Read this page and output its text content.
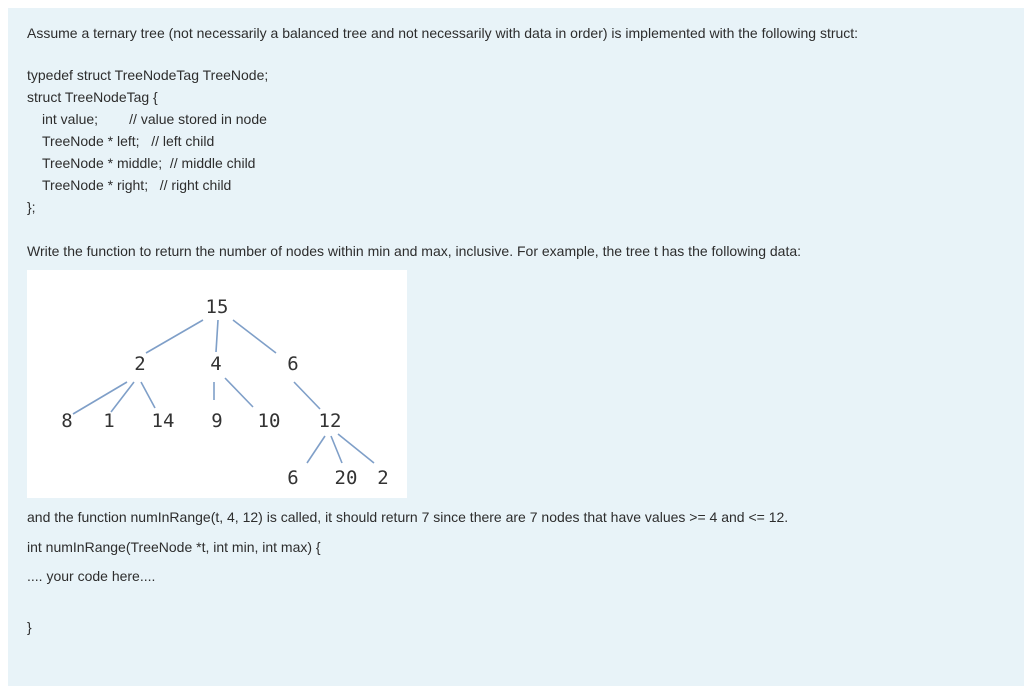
Assume a ternary tree (not necessarily a balanced tree and not necessarily with data in order) is implemented with the following struct:
typedef struct TreeNodeTag TreeNode;
struct TreeNodeTag {
int value;        // value stored in node
TreeNode * left;   // left child
TreeNode * middle;  // middle child
TreeNode * right;   // right child
};
Write the function to return the number of nodes within min and max, inclusive. For example, the tree t has the following data:
15
2	4	6
8 1 14 9 10 12
6 20 2
and the function numInRange(t, 4, 12) is called, it should return 7 since there are 7 nodes that have values >= 4 and <= 12.
int numInRange(TreeNode *t, int min, int max) {
.... your code here....
}
